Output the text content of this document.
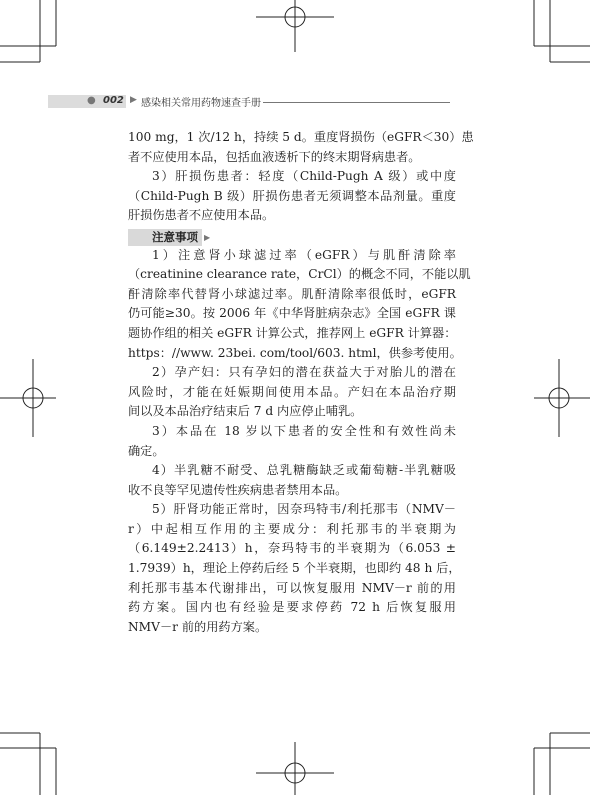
● 002 ▶ 感染相关常用药物速查手册
100 mg，1 次/12 h，持续 5 d。重度肾损伤（eGFR＜30）患
者不应使用本品，包括血液透析下的终末期肾病患者。
3）肝损伤患者：轻度（Child-Pugh A 级）或中度
（Child-Pugh B 级）肝损伤患者无须调整本品剂量。重度
肝损伤患者不应使用本品。
注意事项 ▶
1）注意肾小球滤过率（eGFR）与肌酐清除率
（creatinine clearance rate，CrCl）的概念不同，不能以肌
酐清除率代替肾小球滤过率。肌酐清除率很低时，eGFR
仍可能≥30。按 2006 年《中华肾脏病杂志》全国 eGFR 课
题协作组的相关 eGFR 计算公式，推荐网上 eGFR 计算器：
https：//www. 23bei. com/tool/603. html，供参考使用。
2）孕产妇：只有孕妇的潜在获益大于对胎儿的潜在
风险时，才能在妊娠期间使用本品。产妇在本品治疗期
间以及本品治疗结束后 7 d 内应停止哺乳。
3）本品在 18 岁以下患者的安全性和有效性尚未
确定。
4）半乳糖不耐受、总乳糖酶缺乏或葡萄糖-半乳糖吸
收不良等罕见遗传性疾病患者禁用本品。
5）肝肾功能正常时，因奈玛特韦/利托那韦（NMV－
r）中起相互作用的主要成分：利托那韦的半衰期为
（6.149±2.2413）h，奈玛特韦的半衰期为（6.053 ±
1.7939）h，理论上停药后经 5 个半衰期，也即约 48 h 后，
利托那韦基本代谢排出，可以恢复服用 NMV－r 前的用
药方案。国内也有经验是要求停药 72 h 后恢复服用
NMV－r 前的用药方案。
